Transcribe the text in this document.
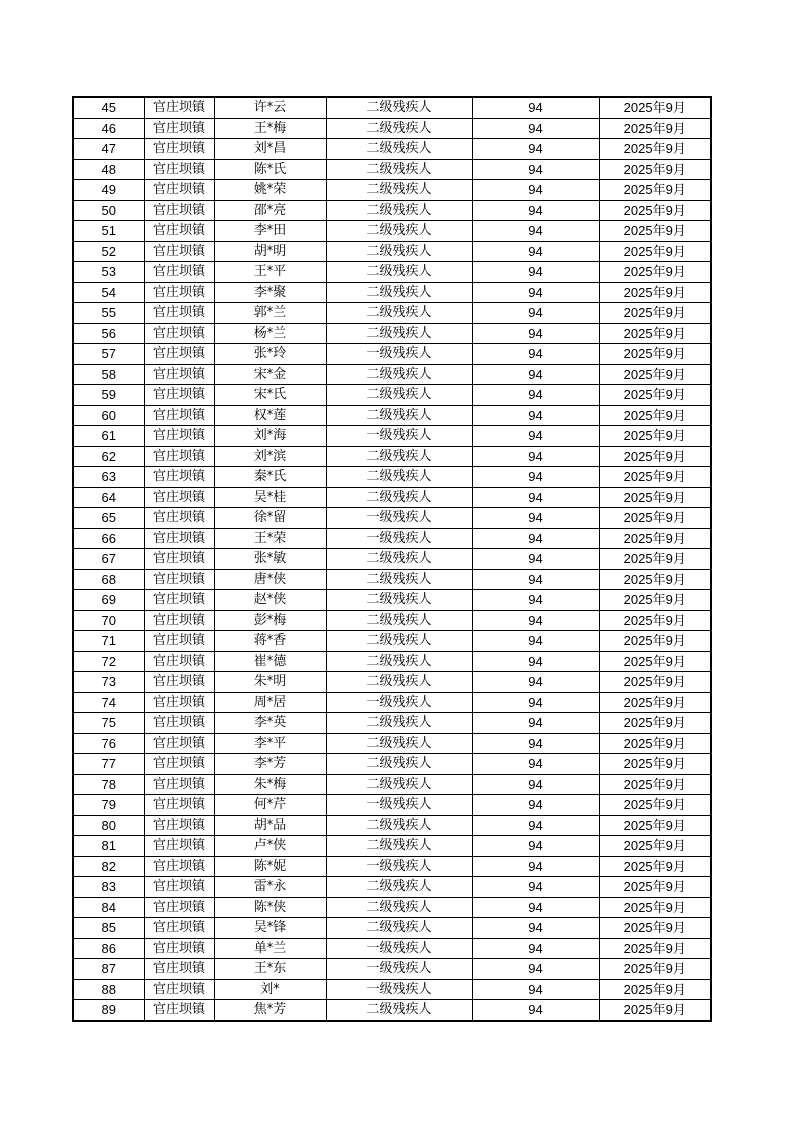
45	官庄坝镇	许*云	二级残疾人	94	2025年9月
46	官庄坝镇	王*梅	二级残疾人	94	2025年9月
47	官庄坝镇	刘*昌	二级残疾人	94	2025年9月
48	官庄坝镇	陈*氏	二级残疾人	94	2025年9月
49	官庄坝镇	姚*荣	二级残疾人	94	2025年9月
50	官庄坝镇	邵*亮	二级残疾人	94	2025年9月
51	官庄坝镇	李*田	二级残疾人	94	2025年9月
52	官庄坝镇	胡*明	二级残疾人	94	2025年9月
53	官庄坝镇	王*平	二级残疾人	94	2025年9月
54	官庄坝镇	李*聚	二级残疾人	94	2025年9月
55	官庄坝镇	郭*兰	二级残疾人	94	2025年9月
56	官庄坝镇	杨*兰	二级残疾人	94	2025年9月
57	官庄坝镇	张*玲	一级残疾人	94	2025年9月
58	官庄坝镇	宋*金	二级残疾人	94	2025年9月
59	官庄坝镇	宋*氏	二级残疾人	94	2025年9月
60	官庄坝镇	权*莲	二级残疾人	94	2025年9月
61	官庄坝镇	刘*海	一级残疾人	94	2025年9月
62	官庄坝镇	刘*滨	二级残疾人	94	2025年9月
63	官庄坝镇	秦*氏	二级残疾人	94	2025年9月
64	官庄坝镇	吴*桂	二级残疾人	94	2025年9月
65	官庄坝镇	徐*留	一级残疾人	94	2025年9月
66	官庄坝镇	王*荣	一级残疾人	94	2025年9月
67	官庄坝镇	张*敏	二级残疾人	94	2025年9月
68	官庄坝镇	唐*侠	二级残疾人	94	2025年9月
69	官庄坝镇	赵*侠	二级残疾人	94	2025年9月
70	官庄坝镇	彭*梅	二级残疾人	94	2025年9月
71	官庄坝镇	蒋*香	二级残疾人	94	2025年9月
72	官庄坝镇	崔*德	二级残疾人	94	2025年9月
73	官庄坝镇	朱*明	二级残疾人	94	2025年9月
74	官庄坝镇	周*居	一级残疾人	94	2025年9月
75	官庄坝镇	李*英	二级残疾人	94	2025年9月
76	官庄坝镇	李*平	二级残疾人	94	2025年9月
77	官庄坝镇	李*芳	二级残疾人	94	2025年9月
78	官庄坝镇	朱*梅	二级残疾人	94	2025年9月
79	官庄坝镇	何*芹	一级残疾人	94	2025年9月
80	官庄坝镇	胡*品	二级残疾人	94	2025年9月
81	官庄坝镇	卢*侠	二级残疾人	94	2025年9月
82	官庄坝镇	陈*妮	一级残疾人	94	2025年9月
83	官庄坝镇	雷*永	二级残疾人	94	2025年9月
84	官庄坝镇	陈*侠	二级残疾人	94	2025年9月
85	官庄坝镇	吴*锋	二级残疾人	94	2025年9月
86	官庄坝镇	单*兰	一级残疾人	94	2025年9月
87	官庄坝镇	王*东	一级残疾人	94	2025年9月
88	官庄坝镇	刘*	一级残疾人	94	2025年9月
89	官庄坝镇	焦*芳	二级残疾人	94	2025年9月
